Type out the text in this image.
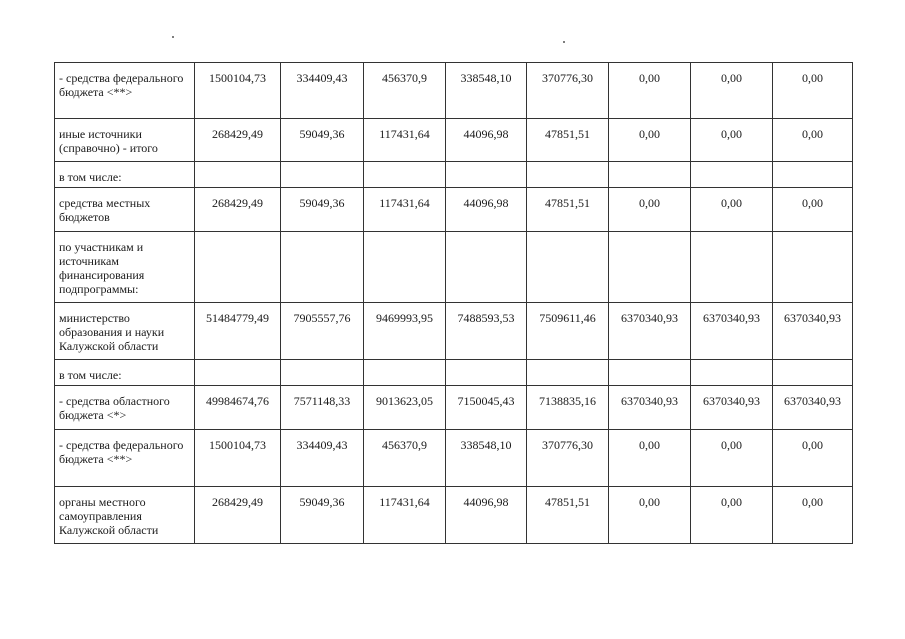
- средства федерального бюджета <**>	1500104,73	334409,43	456370,9	338548,10	370776,30	0,00	0,00	0,00
иные источники (справочно) - итого	268429,49	59049,36	117431,64	44096,98	47851,51	0,00	0,00	0,00
в том числе:								
средства местных бюджетов	268429,49	59049,36	117431,64	44096,98	47851,51	0,00	0,00	0,00
по участникам и источникам финансирования подпрограммы:								
министерство образования и науки Калужской области	51484779,49	7905557,76	9469993,95	7488593,53	7509611,46	6370340,93	6370340,93	6370340,93
в том числе:								
- средства областного бюджета <*>	49984674,76	7571148,33	9013623,05	7150045,43	7138835,16	6370340,93	6370340,93	6370340,93
- средства федерального бюджета <**>	1500104,73	334409,43	456370,9	338548,10	370776,30	0,00	0,00	0,00
органы местного самоуправления Калужской области	268429,49	59049,36	117431,64	44096,98	47851,51	0,00	0,00	0,00
